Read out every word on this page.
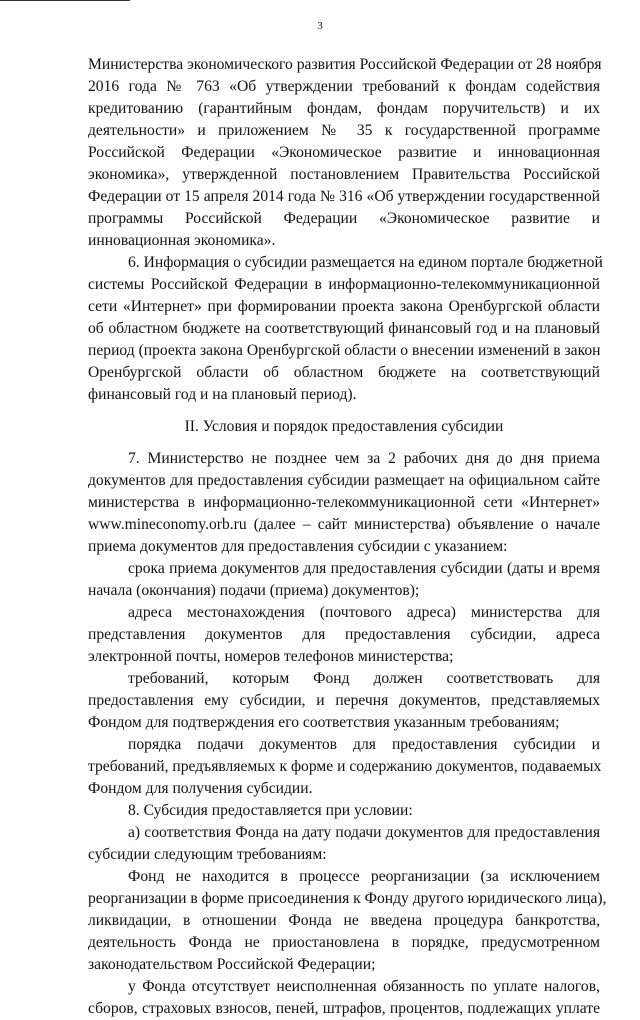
3
Министерства экономического развития Российской Федерации от 28 ноября
2016 года № 763 «Об утверждении требований к фондам содействия
кредитованию (гарантийным фондам, фондам поручительств) и их
деятельности» и приложением № 35 к государственной программе
Российской Федерации «Экономическое развитие и инновационная
экономика», утвержденной постановлением Правительства Российской
Федерации от 15 апреля 2014 года № 316 «Об утверждении государственной
программы Российской Федерации «Экономическое развитие и
инновационная экономика».
6. Информация о субсидии размещается на едином портале бюджетной
системы Российской Федерации в информационно-телекоммуникационной
сети «Интернет» при формировании проекта закона Оренбургской области
об областном бюджете на соответствующий финансовый год и на плановый
период (проекта закона Оренбургской области о внесении изменений в закон
Оренбургской области об областном бюджете на соответствующий
финансовый год и на плановый период).
II. Условия и порядок предоставления субсидии
7. Министерство не позднее чем за 2 рабочих дня до дня приема
документов для предоставления субсидии размещает на официальном сайте
министерства в информационно-телекоммуникационной сети «Интернет»
www.mineconomy.orb.ru (далее – сайт министерства) объявление о начале
приема документов для предоставления субсидии с указанием:
срока приема документов для предоставления субсидии (даты и время
начала (окончания) подачи (приема) документов);
адреса местонахождения (почтового адреса) министерства для
представления документов для предоставления субсидии, адреса
электронной почты, номеров телефонов министерства;
требований, которым Фонд должен соответствовать для
предоставления ему субсидии, и перечня документов, представляемых
Фондом для подтверждения его соответствия указанным требованиям;
порядка подачи документов для предоставления субсидии и
требований, предъявляемых к форме и содержанию документов, подаваемых
Фондом для получения субсидии.
8. Субсидия предоставляется при условии:
а) соответствия Фонда на дату подачи документов для предоставления
субсидии следующим требованиям:
Фонд не находится в процессе реорганизации (за исключением
реорганизации в форме присоединения к Фонду другого юридического лица),
ликвидации, в отношении Фонда не введена процедура банкротства,
деятельность Фонда не приостановлена в порядке, предусмотренном
законодательством Российской Федерации;
у Фонда отсутствует неисполненная обязанность по уплате налогов,
сборов, страховых взносов, пеней, штрафов, процентов, подлежащих уплате
